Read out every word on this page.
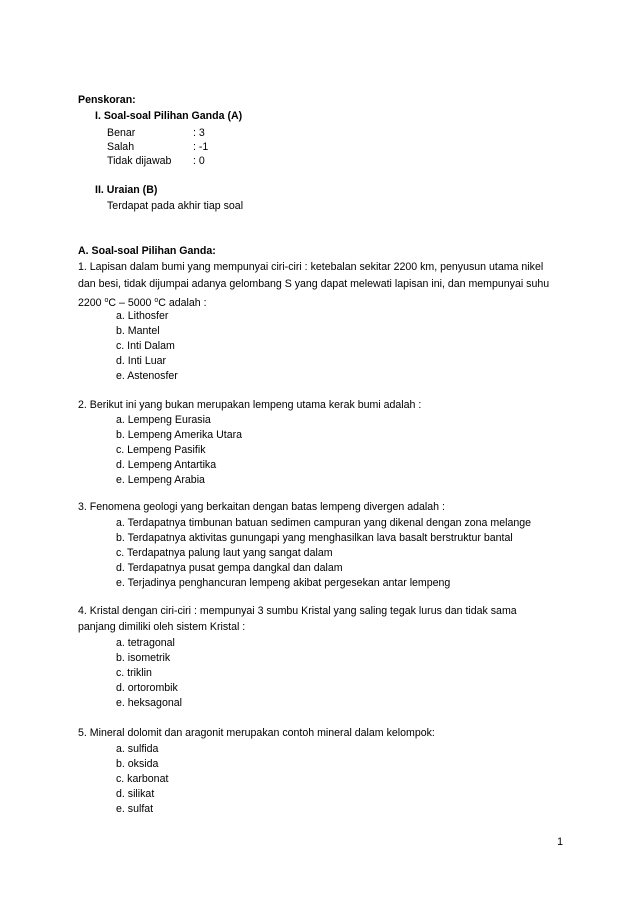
Penskoran:
I. Soal-soal Pilihan Ganda (A)
Benar	: 3
Salah	: -1
Tidak dijawab : 0
II. Uraian (B)
Terdapat pada akhir tiap soal
A. Soal-soal Pilihan Ganda:
1. Lapisan dalam bumi yang mempunyai ciri-ciri : ketebalan sekitar 2200 km, penyusun utama nikel
dan besi, tidak dijumpai adanya gelombang S yang dapat melewati lapisan ini, dan mempunyai suhu
2200 $^o$C – 5000 $^o$C adalah :
a. Lithosfer
b. Mantel
c. Inti Dalam
d. Inti Luar
e. Astenosfer
2. Berikut ini yang bukan merupakan lempeng utama kerak bumi adalah :
a. Lempeng Eurasia
b. Lempeng Amerika Utara
c. Lempeng Pasifik
d. Lempeng Antartika
e. Lempeng Arabia
3. Fenomena geologi yang berkaitan dengan batas lempeng divergen adalah :
a. Terdapatnya timbunan batuan sedimen campuran yang dikenal dengan zona melange
b. Terdapatnya aktivitas gunungapi yang menghasilkan lava basalt berstruktur bantal
c. Terdapatnya palung laut yang sangat dalam
d. Terdapatnya pusat gempa dangkal dan dalam
e. Terjadinya penghancuran lempeng akibat pergesekan antar lempeng
4. Kristal dengan ciri-ciri : mempunyai 3 sumbu Kristal yang saling tegak lurus dan tidak sama
panjang dimiliki oleh sistem Kristal :
a. tetragonal
b. isometrik
c. triklin
d. ortorombik
e. heksagonal
5. Mineral dolomit dan aragonit merupakan contoh mineral dalam kelompok:
a. sulfida
b. oksida
c. karbonat
d. silikat
e. sulfat
1
